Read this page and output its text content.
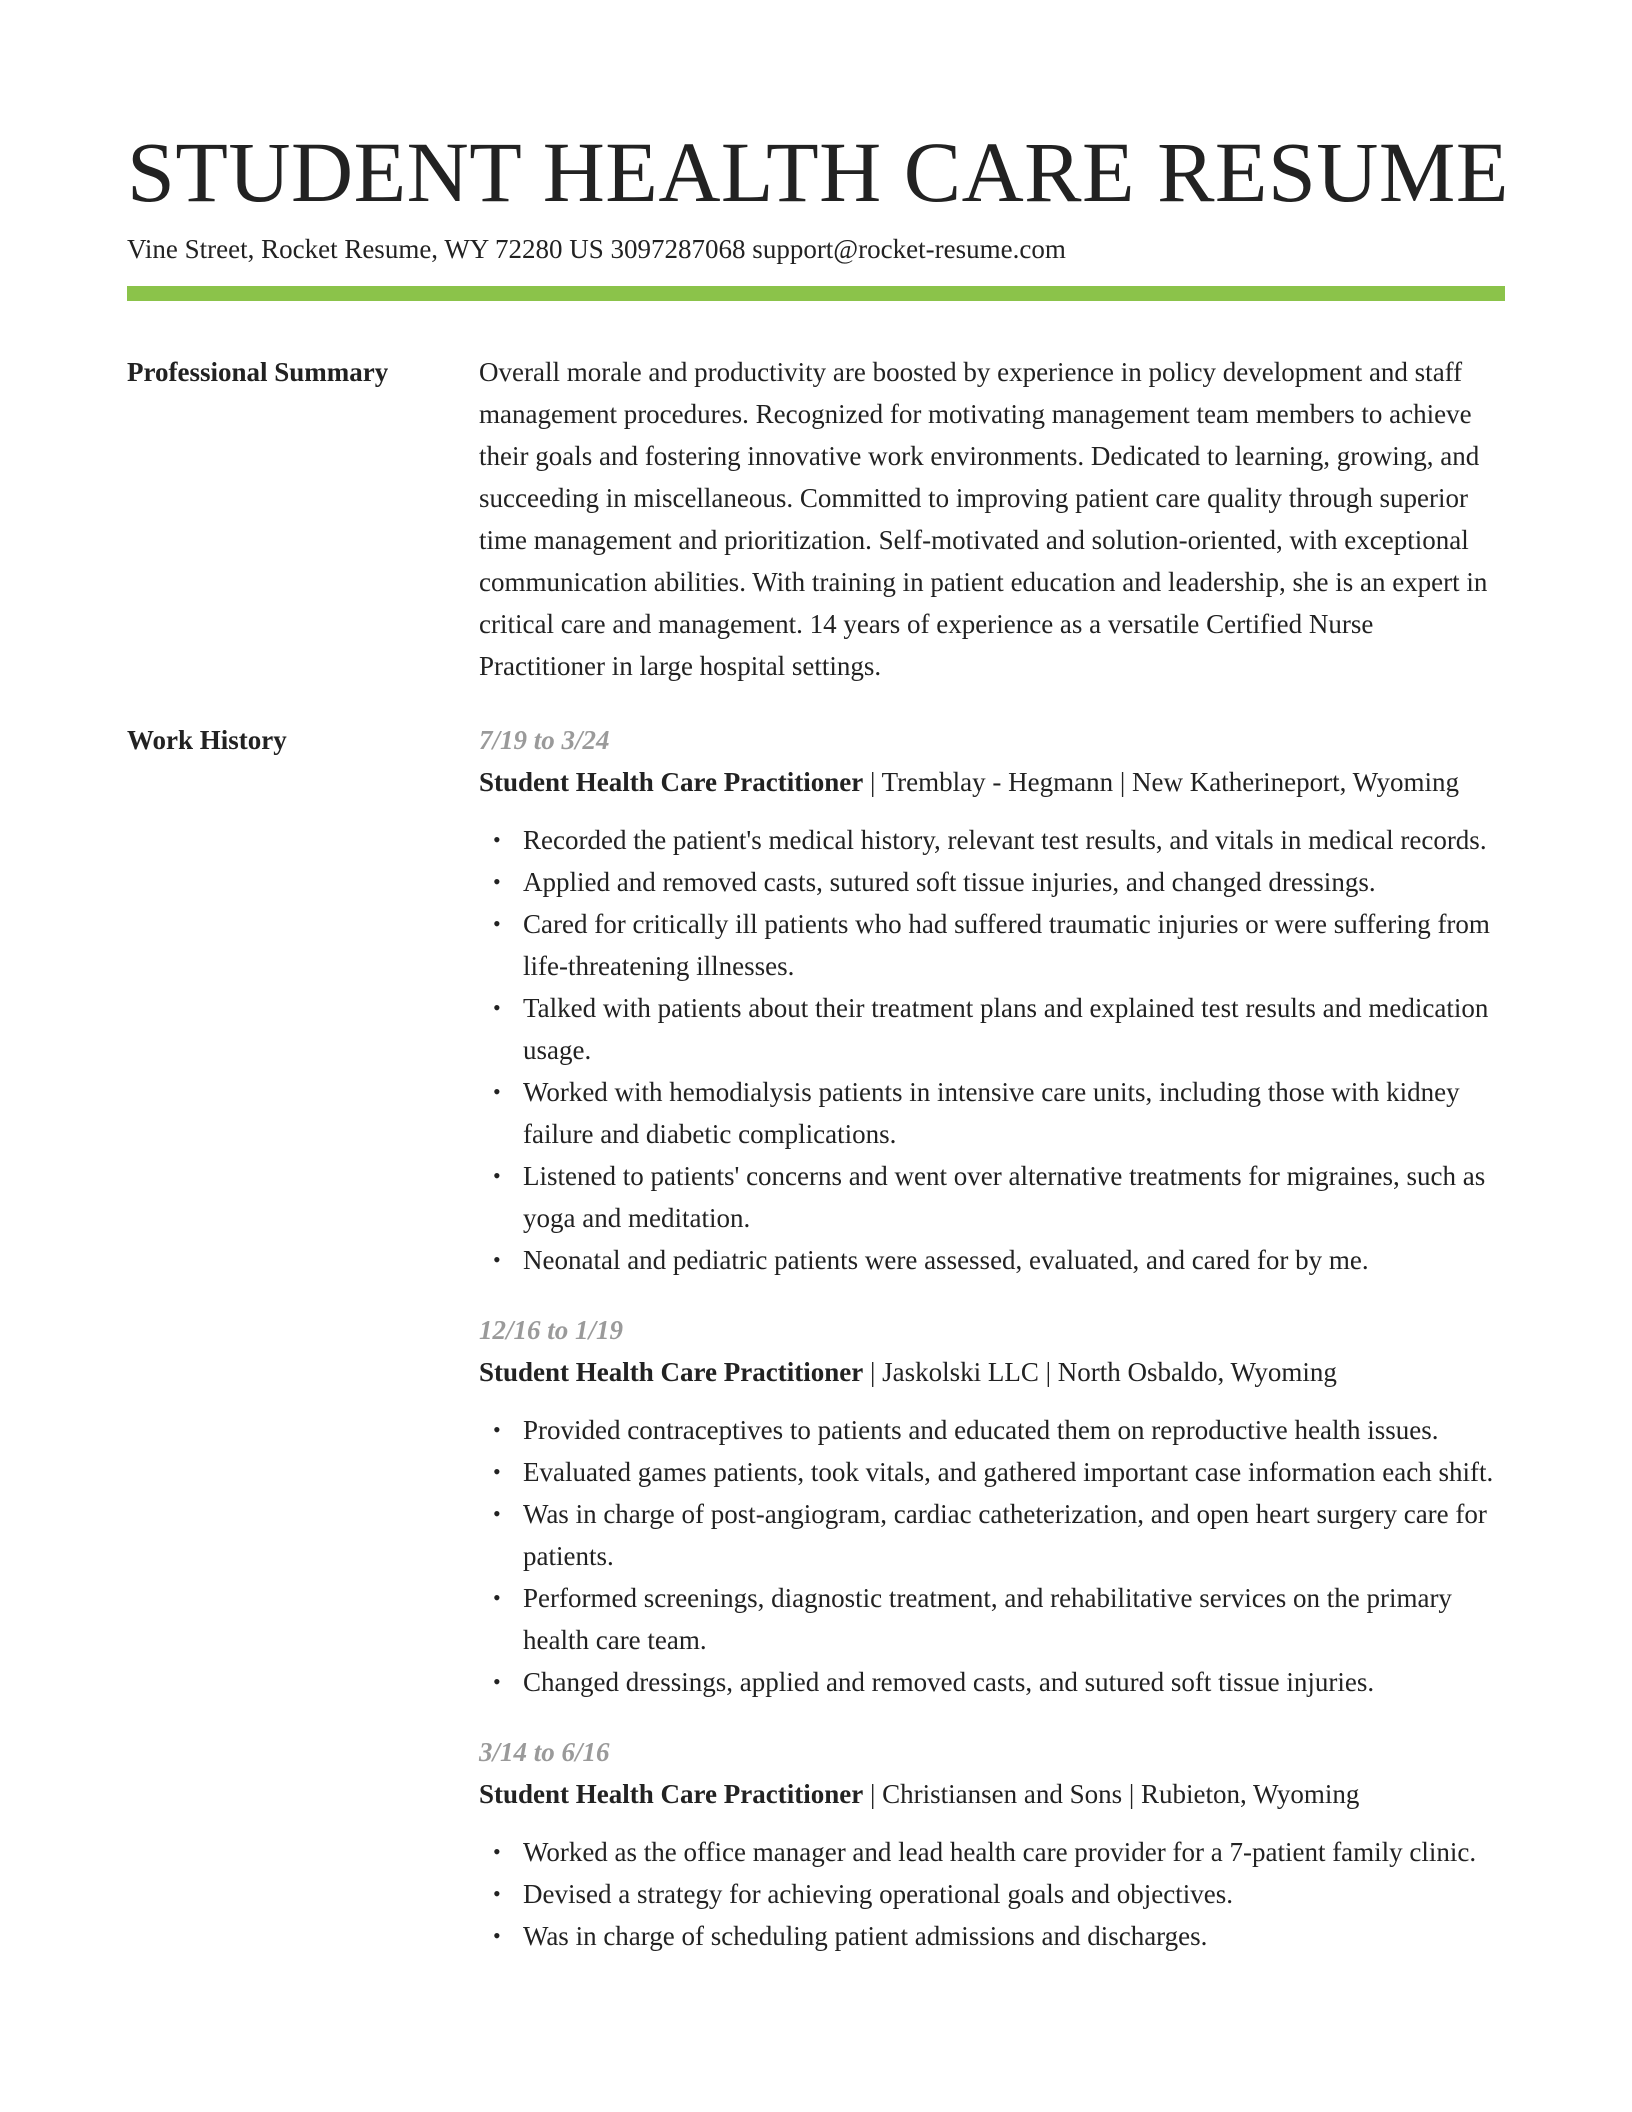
STUDENT HEALTH CARE RESUME
Vine Street, Rocket Resume, WY 72280 US 3097287068 support@rocket-resume.com
Professional Summary	Overall morale and productivity are boosted by experience in policy development and staff management procedures. Recognized for motivating management team members to achieve their goals and fostering innovative work environments. Dedicated to learning, growing, and succeeding in miscellaneous. Committed to improving patient care quality through superior time management and prioritization. Self-motivated and solution-oriented, with exceptional communication abilities. With training in patient education and leadership, she is an expert in critical care and management. 14 years of experience as a versatile Certified Nurse Practitioner in large hospital settings.

Work History	7/19 to 3/24
Student Health Care Practitioner | Tremblay - Hegmann | New Katherineport, Wyoming
• Recorded the patient's medical history, relevant test results, and vitals in medical records.
• Applied and removed casts, sutured soft tissue injuries, and changed dressings.
• Cared for critically ill patients who had suffered traumatic injuries or were suffering from life-threatening illnesses.
• Talked with patients about their treatment plans and explained test results and medication usage.
• Worked with hemodialysis patients in intensive care units, including those with kidney failure and diabetic complications.
• Listened to patients' concerns and went over alternative treatments for migraines, such as yoga and meditation.
• Neonatal and pediatric patients were assessed, evaluated, and cared for by me.
12/16 to 1/19
Student Health Care Practitioner | Jaskolski LLC | North Osbaldo, Wyoming
• Provided contraceptives to patients and educated them on reproductive health issues.
• Evaluated games patients, took vitals, and gathered important case information each shift.
• Was in charge of post-angiogram, cardiac catheterization, and open heart surgery care for patients.
• Performed screenings, diagnostic treatment, and rehabilitative services on the primary health care team.
• Changed dressings, applied and removed casts, and sutured soft tissue injuries.
3/14 to 6/16
Student Health Care Practitioner | Christiansen and Sons | Rubieton, Wyoming
• Worked as the office manager and lead health care provider for a 7-patient family clinic.
• Devised a strategy for achieving operational goals and objectives.
• Was in charge of scheduling patient admissions and discharges.
